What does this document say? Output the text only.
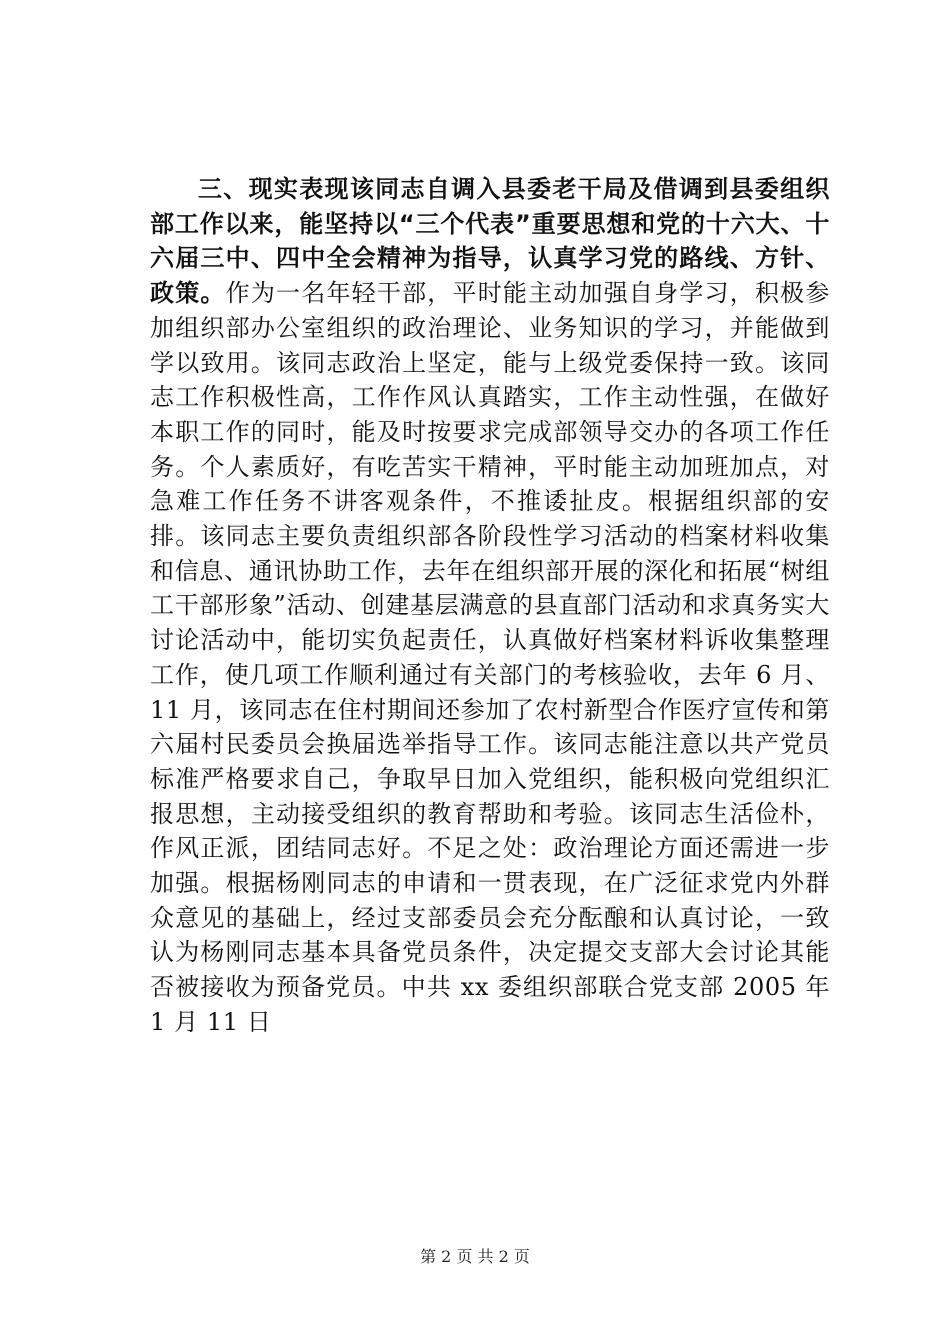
三、现实表现该同志自调入县委老干局及借调到县委组织部工作以来，能坚持以“三个代表”重要思想和党的十六大、十六届三中、四中全会精神为指导，认真学习党的路线、方针、政策。作为一名年轻干部，平时能主动加强自身学习，积极参加组织部办公室组织的政治理论、业务知识的学习，并能做到学以致用。该同志政治上坚定，能与上级党委保持一致。该同志工作积极性高，工作作风认真踏实，工作主动性强，在做好本职工作的同时，能及时按要求完成部领导交办的各项工作任务。个人素质好，有吃苦实干精神，平时能主动加班加点，对急难工作任务不讲客观条件，不推诿扯皮。根据组织部的安排。该同志主要负责组织部各阶段性学习活动的档案材料收集和信息、通讯协助工作，去年在组织部开展的深化和拓展“树组工干部形象”活动、创建基层满意的县直部门活动和求真务实大讨论活动中，能切实负起责任，认真做好档案材料诉收集整理工作，使几项工作顺利通过有关部门的考核验收，去年 6 月、11 月，该同志在住村期间还参加了农村新型合作医疗宣传和第六届村民委员会换届选举指导工作。该同志能注意以共产党员标准严格要求自己，争取早日加入党组织，能积极向党组织汇报思想，主动接受组织的教育帮助和考验。该同志生活俭朴，作风正派，团结同志好。不足之处：政治理论方面还需进一步加强。根据杨刚同志的申请和一贯表现，在广泛征求党内外群众意见的基础上，经过支部委员会充分酝酿和认真讨论，一致认为杨刚同志基本具备党员条件，决定提交支部大会讨论其能否被接收为预备党员。中共 xx 委组织部联合党支部 2005 年 1 月 11 日

第 2 页 共 2 页
